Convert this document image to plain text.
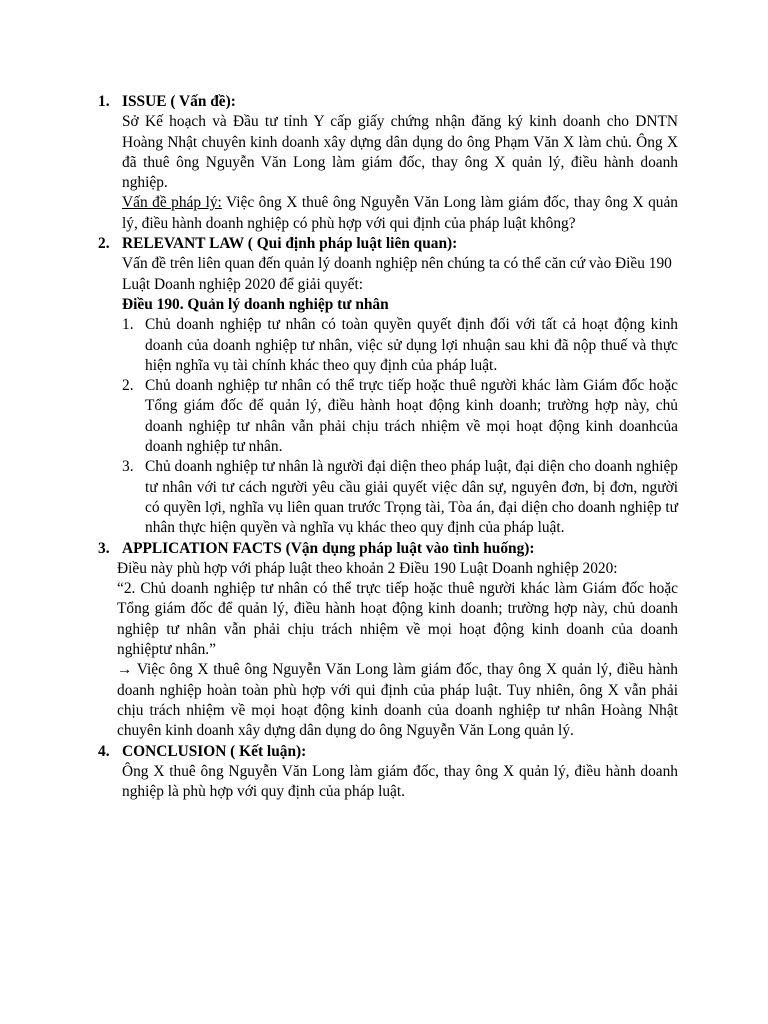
1. ISSUE ( Vấn đề):
Sở Kế hoạch và Đầu tư tỉnh Y cấp giấy chứng nhận đăng ký kinh doanh cho DNTN Hoàng Nhật chuyên kinh doanh xây dựng dân dụng do ông Phạm Văn X làm chủ. Ông X đã thuê ông Nguyễn Văn Long làm giám đốc, thay ông X quản lý, điều hành doanh nghiệp.
Vấn đề pháp lý: Việc ông X thuê ông Nguyễn Văn Long làm giám đốc, thay ông X quản lý, điều hành doanh nghiệp có phù hợp với qui định của pháp luật không?
2. RELEVANT LAW ( Qui định pháp luật liên quan):
Vấn đề trên liên quan đến quản lý doanh nghiệp nên chúng ta có thể căn cứ vào Điều 190 Luật Doanh nghiệp 2020 để giải quyết:
Điều 190. Quản lý doanh nghiệp tư nhân
1. Chủ doanh nghiệp tư nhân có toàn quyền quyết định đối với tất cả hoạt động kinh doanh của doanh nghiệp tư nhân, việc sử dụng lợi nhuận sau khi đã nộp thuế và thực hiện nghĩa vụ tài chính khác theo quy định của pháp luật.
2. Chủ doanh nghiệp tư nhân có thể trực tiếp hoặc thuê người khác làm Giám đốc hoặc Tổng giám đốc để quản lý, điều hành hoạt động kinh doanh; trường hợp này, chủ doanh nghiệp tư nhân vẫn phải chịu trách nhiệm về mọi hoạt động kinh doanhcủa doanh nghiệp tư nhân.
3. Chủ doanh nghiệp tư nhân là người đại diện theo pháp luật, đại diện cho doanh nghiệp tư nhân với tư cách người yêu cầu giải quyết việc dân sự, nguyên đơn, bị đơn, người có quyền lợi, nghĩa vụ liên quan trước Trọng tài, Tòa án, đại diện cho doanh nghiệp tư nhân thực hiện quyền và nghĩa vụ khác theo quy định của pháp luật.
3. APPLICATION FACTS (Vận dụng pháp luật vào tình huống):
Điều này phù hợp với pháp luật theo khoản 2 Điều 190 Luật Doanh nghiệp 2020:
“2. Chủ doanh nghiệp tư nhân có thể trực tiếp hoặc thuê người khác làm Giám đốc hoặc Tổng giám đốc để quản lý, điều hành hoạt động kinh doanh; trường hợp này, chủ doanh nghiệp tư nhân vẫn phải chịu trách nhiệm về mọi hoạt động kinh doanh của doanh nghiệptư nhân.”
→ Việc ông X thuê ông Nguyễn Văn Long làm giám đốc, thay ông X quản lý, điều hành doanh nghiệp hoàn toàn phù hợp với qui định của pháp luật. Tuy nhiên, ông X vẫn phải chịu trách nhiệm về mọi hoạt động kinh doanh của doanh nghiệp tư nhân Hoàng Nhật chuyên kinh doanh xây dựng dân dụng do ông Nguyễn Văn Long quản lý.
4. CONCLUSION ( Kết luận):
Ông X thuê ông Nguyễn Văn Long làm giám đốc, thay ông X quản lý, điều hành doanh nghiệp là phù hợp với quy định của pháp luật.
